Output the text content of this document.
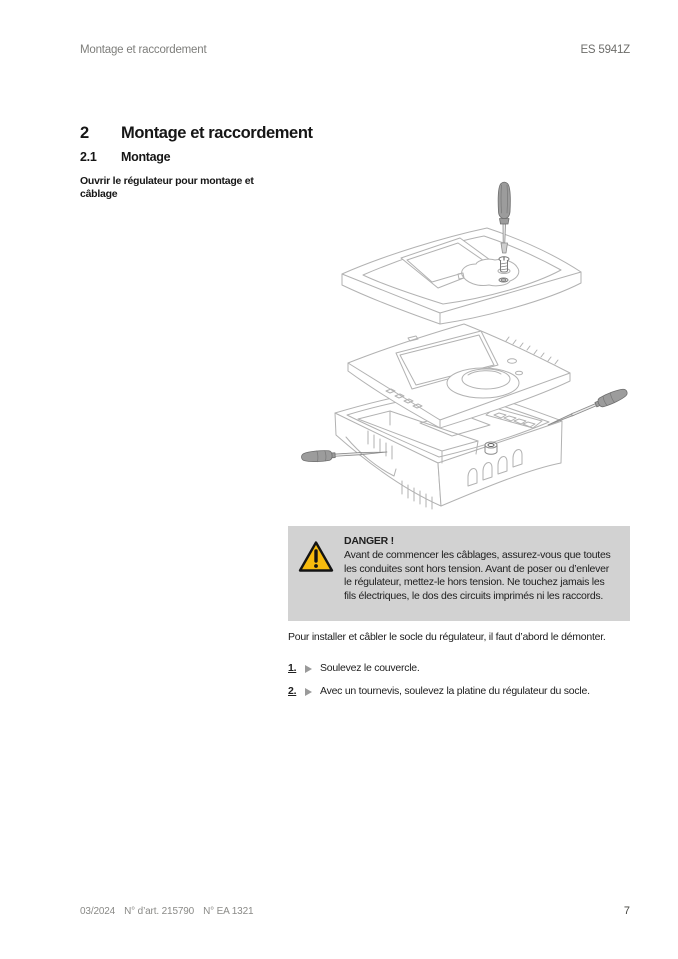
Montage et raccordement	ES 5941Z
2	Montage et raccordement
2.1	Montage
Ouvrir le régulateur pour montage et câblage
DANGER !
Avant de commencer les câblages, assurez-vous que toutes les conduites sont hors tension. Avant de poser ou d’enlever le régulateur, mettez-le hors tension. Ne touchez jamais les fils électriques, le dos des circuits imprimés ni les raccords.
Pour installer et câbler le socle du régulateur, il faut d’abord le démonter.
1.	Soulevez le couvercle.
2.	Avec un tournevis, soulevez la platine du régulateur du socle.
03/2024 N° d’art. 215790 N° EA 1321	7
